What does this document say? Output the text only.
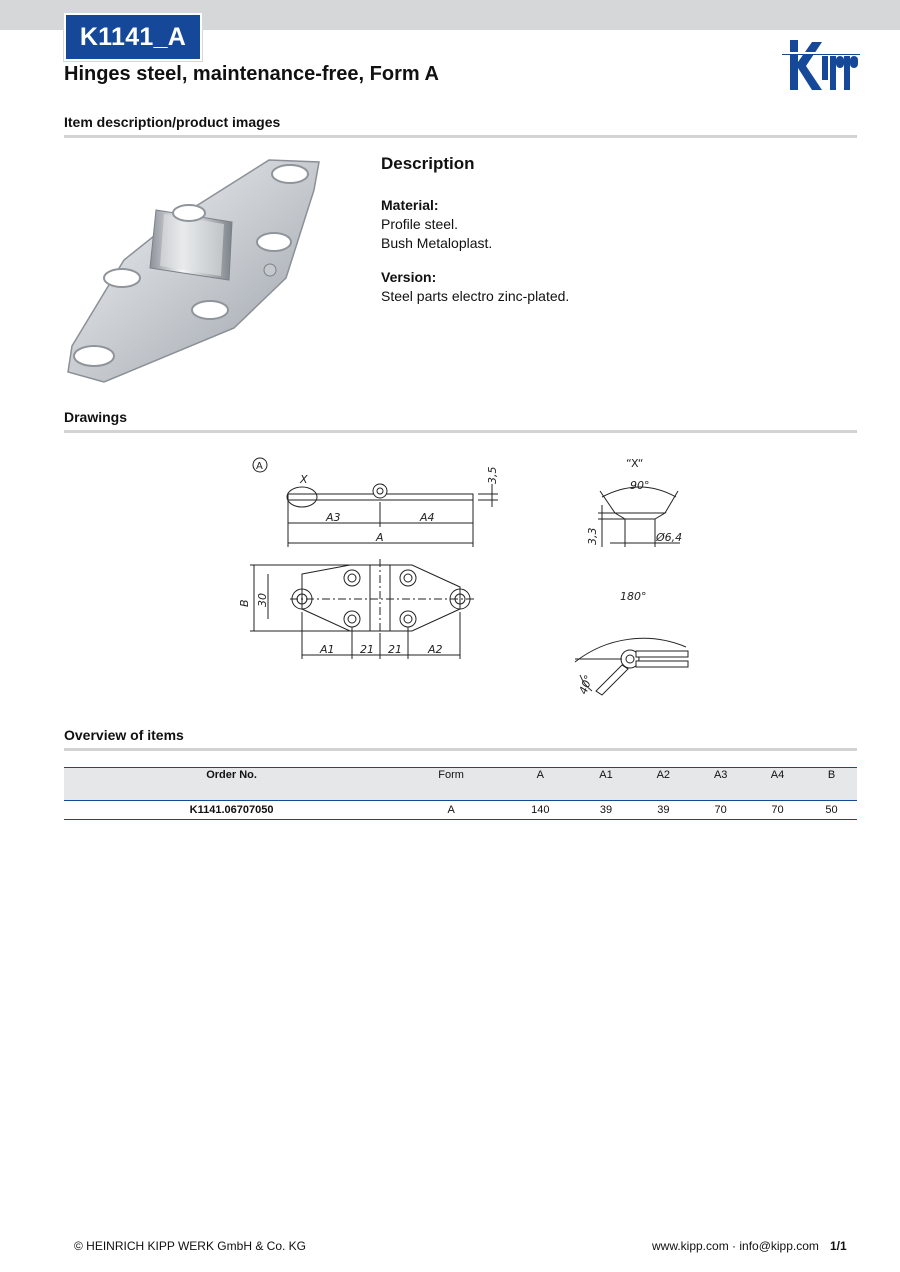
K1141_A
Hinges steel, maintenance-free, Form A
Item description/product images
Description
Material:
Profile steel.
Bush Metaloplast.
Version:
Steel parts electro zinc-plated.
Drawings
A
X
A3	A4
A
3,5
B 30
A1 21 21 A2
“X“
90°
3,3	Ø6,4
180°
40°
Overview of items
Order No.	Form	A	A1	A2	A3	A4	B
K1141.06707050	A	140	39	39	70	70	50
© HEINRICH KIPP WERK GmbH & Co. KG	www.kipp.com · info@kipp.com 1/1
